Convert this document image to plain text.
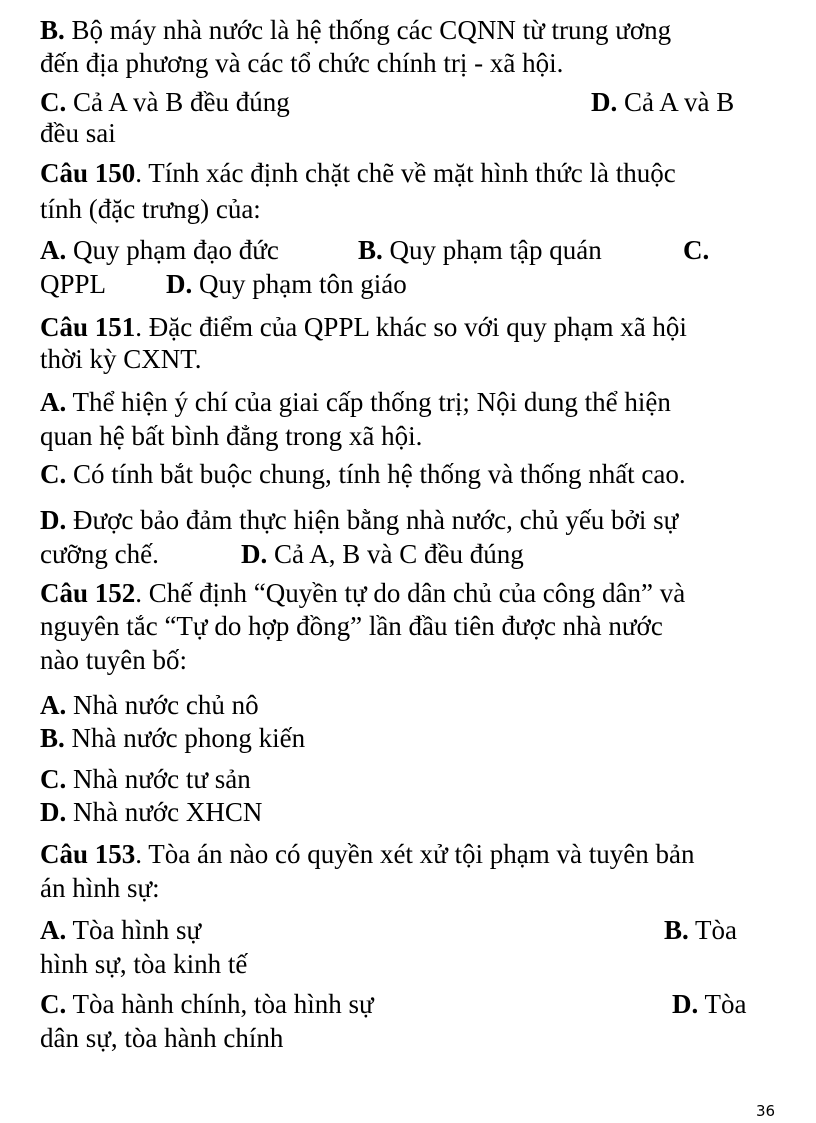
B. Bộ máy nhà nước là hệ thống các CQNN từ trung ương
đến địa phương và các tổ chức chính trị - xã hội.
C. Cả A và B đều đúng	D. Cả A và B
đều sai
Câu 150. Tính xác định chặt chẽ về mặt hình thức là thuộc
tính (đặc trưng) của:
A. Quy phạm đạo đức	B. Quy phạm tập quán	C.
QPPL D. Quy phạm tôn giáo
Câu 151. Đặc điểm của QPPL khác so với quy phạm xã hội
thời kỳ CXNT.
A. Thể hiện ý chí của giai cấp thống trị; Nội dung thể hiện
quan hệ bất bình đẳng trong xã hội.
C. Có tính bắt buộc chung, tính hệ thống và thống nhất cao.
D. Được bảo đảm thực hiện bằng nhà nước, chủ yếu bởi sự
cưỡng chế.	D. Cả A, B và C đều đúng
Câu 152. Chế định “Quyền tự do dân chủ của công dân” và
nguyên tắc “Tự do hợp đồng” lần đầu tiên được nhà nước
nào tuyên bố:
A. Nhà nước chủ nô
B. Nhà nước phong kiến
C. Nhà nước tư sản
D. Nhà nước XHCN
Câu 153. Tòa án nào có quyền xét xử tội phạm và tuyên bản
án hình sự:
A. Tòa hình sự	B. Tòa
hình sự, tòa kinh tế
C. Tòa hành chính, tòa hình sự	D. Tòa
dân sự, tòa hành chính
36
